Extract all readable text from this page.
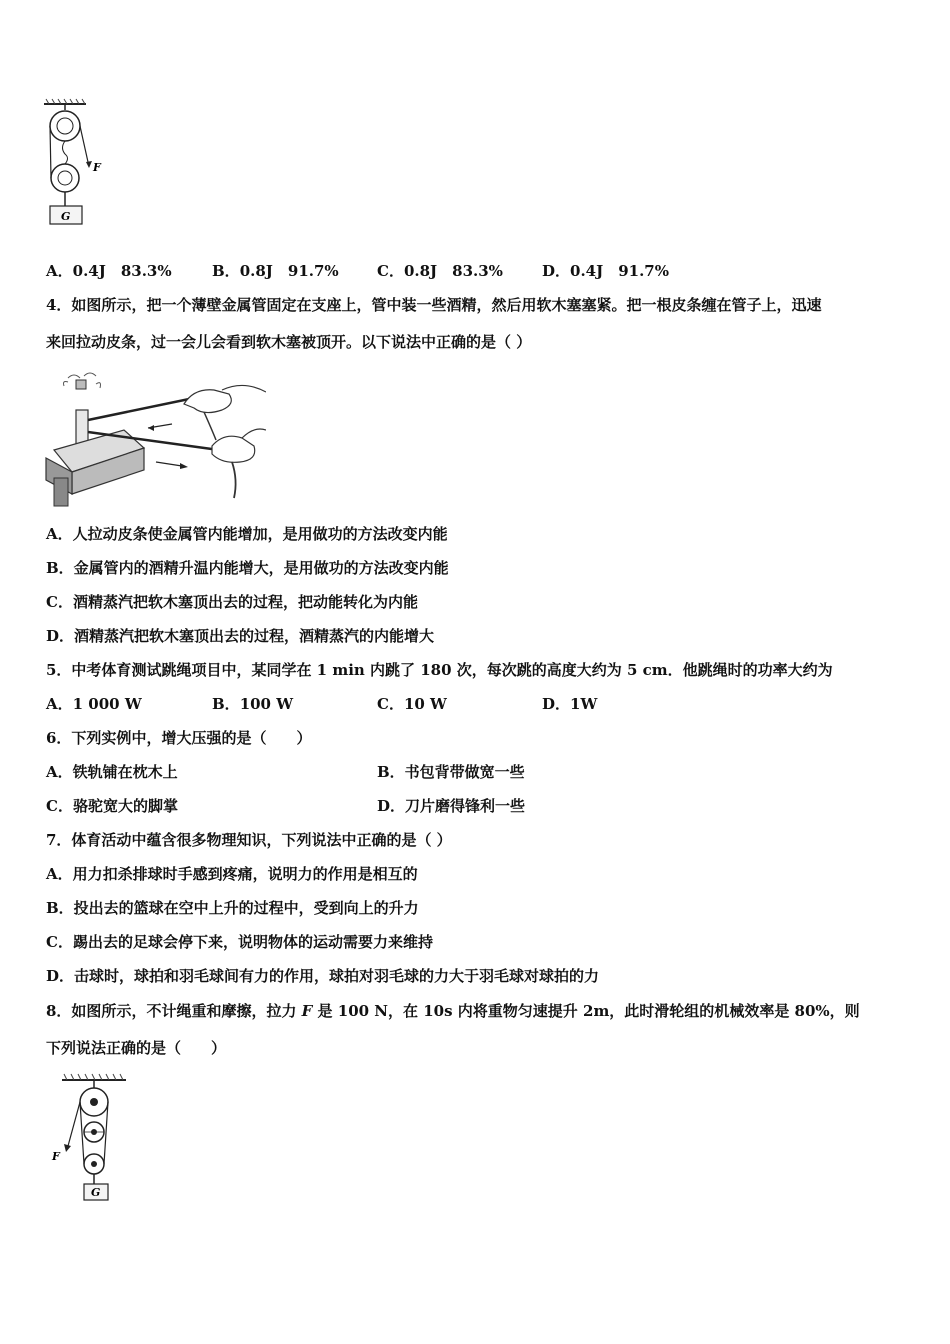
F
G
A．0.4J　83.3%	B．0.8J　91.7%	C．0.8J　83.3%	D．0.4J　91.7%
4．如图所示，把一个薄壁金属管固定在支座上，管中装一些酒精，然后用软木塞塞紧。把一根皮条缠在管子上，迅速
来回拉动皮条，过一会儿会看到软木塞被顶开。以下说法中正确的是（ ）
A．人拉动皮条使金属管内能增加，是用做功的方法改变内能
B．金属管内的酒精升温内能增大，是用做功的方法改变内能
C．酒精蒸汽把软木塞顶出去的过程，把动能转化为内能
D．酒精蒸汽把软木塞顶出去的过程，酒精蒸汽的内能增大
5．中考体育测试跳绳项目中，某同学在 1 min 内跳了 180 次，每次跳的高度大约为 5 cm．他跳绳时的功率大约为
A．1 000 W	B．100 W	C．10 W	D．1W
6．下列实例中，增大压强的是（　　）
A．铁轨铺在枕木上	B．书包背带做宽一些
C．骆驼宽大的脚掌	D．刀片磨得锋利一些
7．体育活动中蕴含很多物理知识，下列说法中正确的是（ ）
A．用力扣杀排球时手感到疼痛，说明力的作用是相互的
B．投出去的篮球在空中上升的过程中，受到向上的升力
C．踢出去的足球会停下来，说明物体的运动需要力来维持
D．击球时，球拍和羽毛球间有力的作用，球拍对羽毛球的力大于羽毛球对球拍的力
8．如图所示，不计绳重和摩擦，拉力 F 是 100 N，在 10s 内将重物匀速提升 2m，此时滑轮组的机械效率是 80%，则
下列说法正确的是（　　）
F
G
